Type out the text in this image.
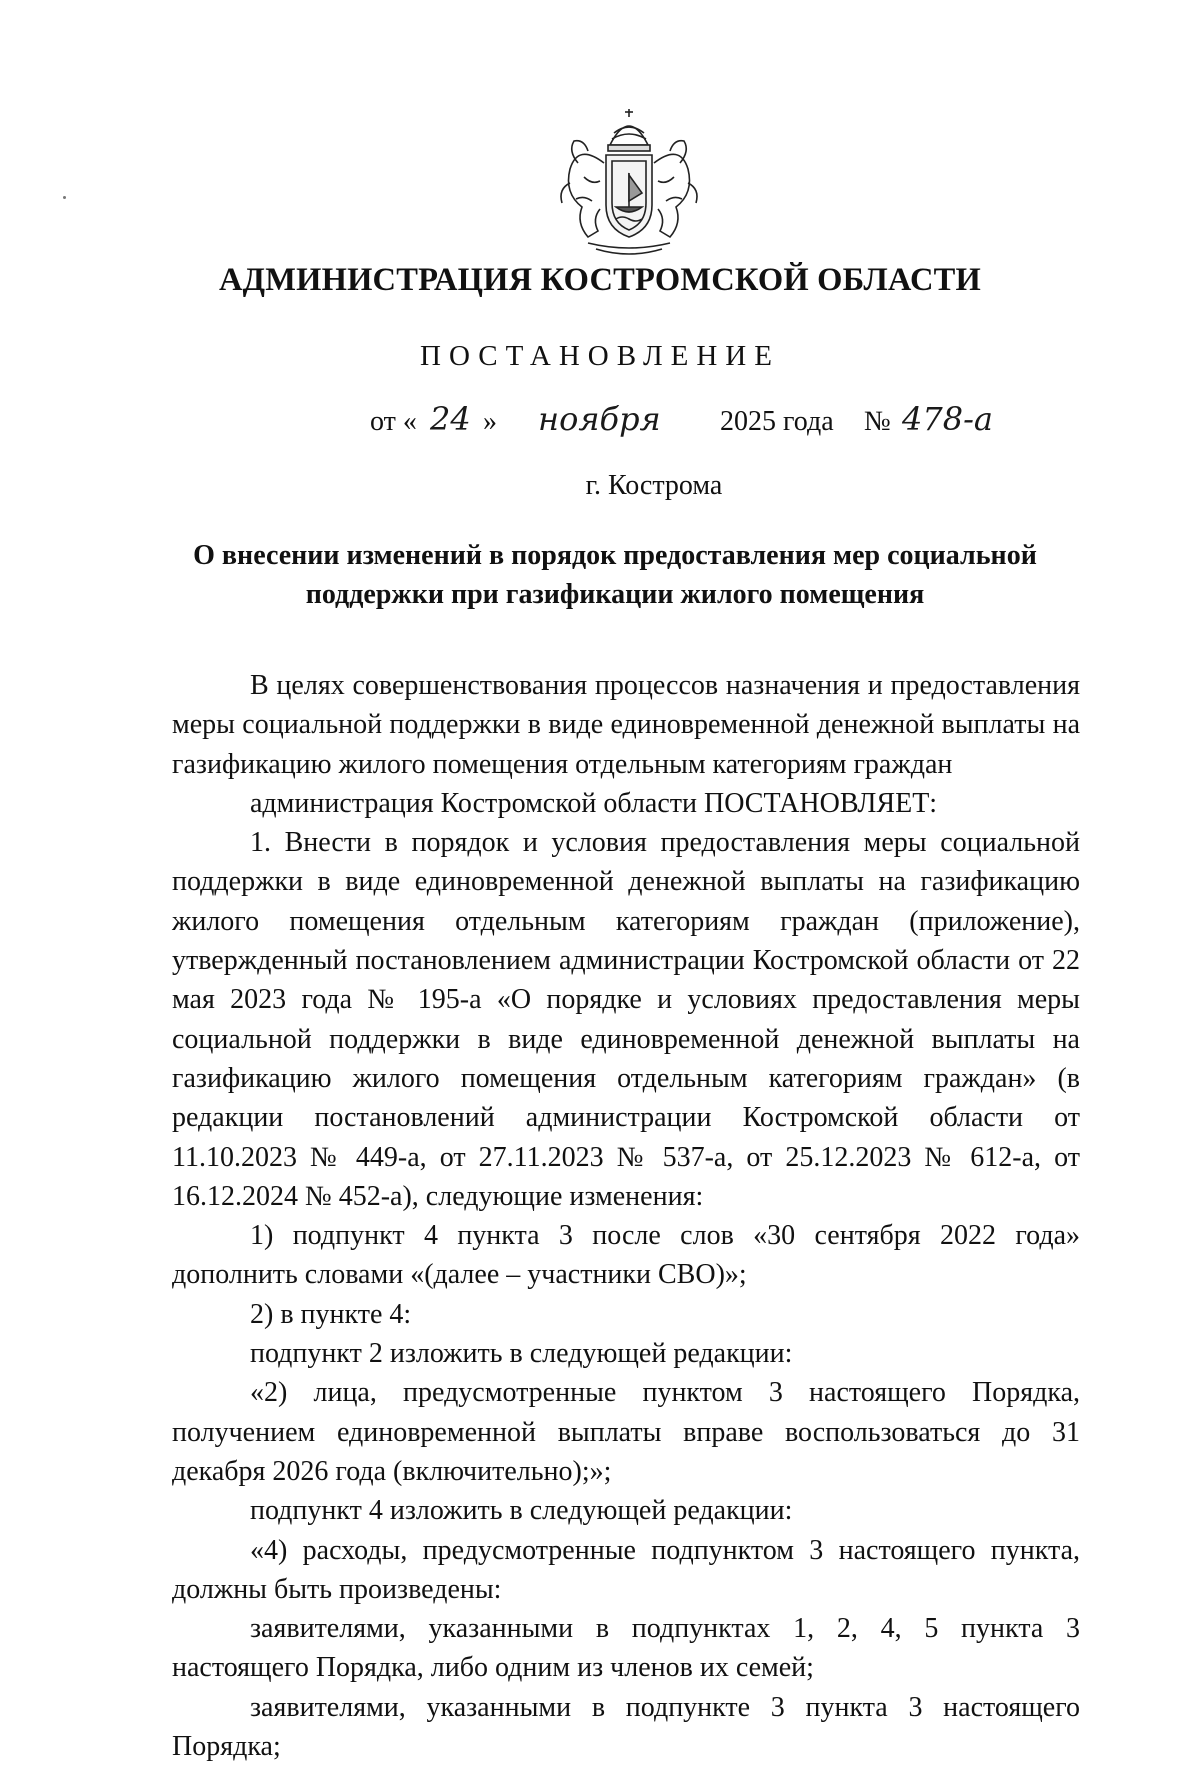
АДМИНИСТРАЦИЯ КОСТРОМСКОЙ ОБЛАСТИ
ПОСТАНОВЛЕНИЕ
от « 24 » ноября 2025 года № 478-а
г. Кострома
О внесении изменений в порядок предоставления мер социальной
поддержки при газификации жилого помещения

В целях совершенствования процессов назначения и предоставления меры социальной поддержки в виде единовременной денежной выплаты на газификацию жилого помещения отдельным категориям граждан

администрация Костромской области ПОСТАНОВЛЯЕТ:

1. Внести в порядок и условия предоставления меры социальной поддержки в виде единовременной денежной выплаты на газификацию жилого помещения отдельным категориям граждан (приложение), утвержденный постановлением администрации Костромской области от 22 мая 2023 года № 195-а «О порядке и условиях предоставления меры социальной поддержки в виде единовременной денежной выплаты на газификацию жилого помещения отдельным категориям граждан» (в редакции постановлений администрации Костромской области от 11.10.2023 № 449-а, от 27.11.2023 № 537-а, от 25.12.2023 № 612-а, от 16.12.2024 № 452-а), следующие изменения:

1) подпункт 4 пункта 3 после слов «30 сентября 2022 года» дополнить словами «(далее – участники СВО)»;

2) в пункте 4:

подпункт 2 изложить в следующей редакции:

«2) лица, предусмотренные пунктом 3 настоящего Порядка, получением единовременной выплаты вправе воспользоваться до 31 декабря 2026 года (включительно);»;

подпункт 4 изложить в следующей редакции:

«4) расходы, предусмотренные подпунктом 3 настоящего пункта, должны быть произведены:

заявителями, указанными в подпунктах 1, 2, 4, 5 пункта 3 настоящего Порядка, либо одним из членов их семей;

заявителями, указанными в подпункте 3 пункта 3 настоящего Порядка;
